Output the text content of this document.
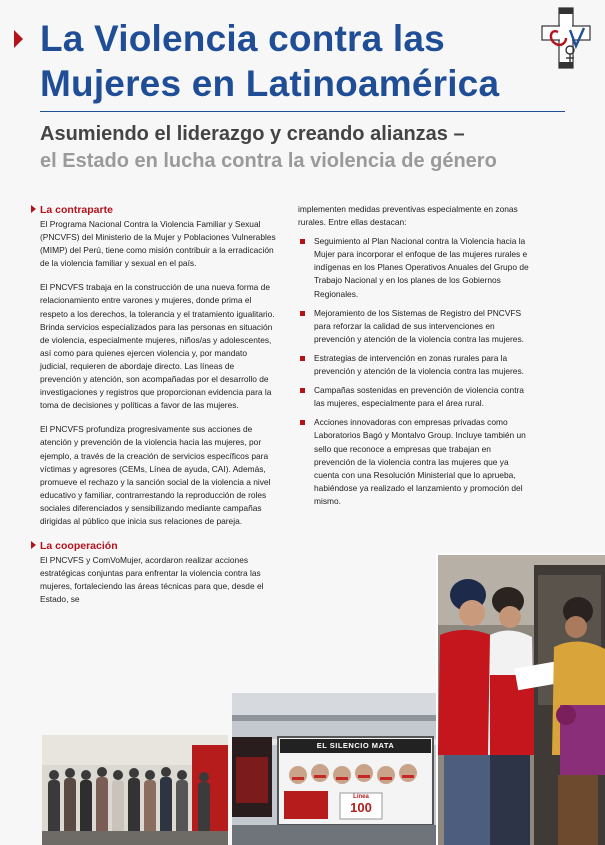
La Violencia contra las
Mujeres en Latinoamérica
Asumiendo el liderazgo y creando alianzas –
el Estado en lucha contra la violencia de género
La contraparte

El Programa Nacional Contra la Violencia Familiar y Sexual (PNCVFS) del Ministerio de la Mujer y Poblaciones Vulnerables (MIMP) del Perú, tiene como misión contribuir a la erradicación de la violencia familiar y sexual en el país.

El PNCVFS trabaja en la construcción de una nueva forma de relacionamiento entre varones y mujeres, donde prima el respeto a los derechos, la tolerancia y el tratamiento igualitario. Brinda servicios especializados para las personas en situación de violencia, especialmente mujeres, niños/as y adolescentes, así como para quienes ejercen violencia y, por mandato judicial, requieren de abordaje directo. Las líneas de prevención y atención, son acompañadas por el desarrollo de investigaciones y registros que proporcionan evidencia para la toma de decisiones y políticas a favor de las mujeres.

El PNCVFS profundiza progresivamente sus acciones de atención y prevención de la violencia hacia las mujeres, por ejemplo, a través de la creación de servicios específicos para víctimas y agresores (CEMs, Línea de ayuda, CAI). Además, promueve el rechazo y la sanción social de la violencia a nivel educativo y familiar, contrarrestando la reproducción de roles sociales diferenciados y sensibilizando mediante campañas dirigidas al público que inicia sus relaciones de pareja.

La cooperación

El PNCVFS y ComVoMujer, acordaron realizar acciones estratégicas conjuntas para enfrentar la violencia contra las mujeres, fortaleciendo las áreas técnicas para que, desde el Estado, se

implementen medidas preventivas especialmente en zonas rurales. Entre ellas destacan:

Seguimiento al Plan Nacional contra la Violencia hacia la Mujer para incorporar el enfoque de las mujeres rurales e indígenas en los Planes Operativos Anuales del Grupo de Trabajo Nacional y en los planes de los Gobiernos Regionales.
Mejoramiento de los Sistemas de Registro del PNCVFS para reforzar la calidad de sus intervenciones en prevención y atención de la violencia contra las mujeres.
Estrategias de intervención en zonas rurales para la prevención y atención de la violencia contra las mujeres.
Campañas sostenidas en prevención de violencia contra las mujeres, especialmente para el área rural.
Acciones innovadoras con empresas privadas como Laboratorios Bagó y Montalvo Group. Incluye también un sello que reconoce a empresas que trabajan en prevención de la violencia contra las mujeres que ya cuenta con una Resolución Ministerial que lo aprueba, habiéndose ya realizado el lanzamiento y promoción del mismo.
EL SILENCIO MATA
Línea
100
